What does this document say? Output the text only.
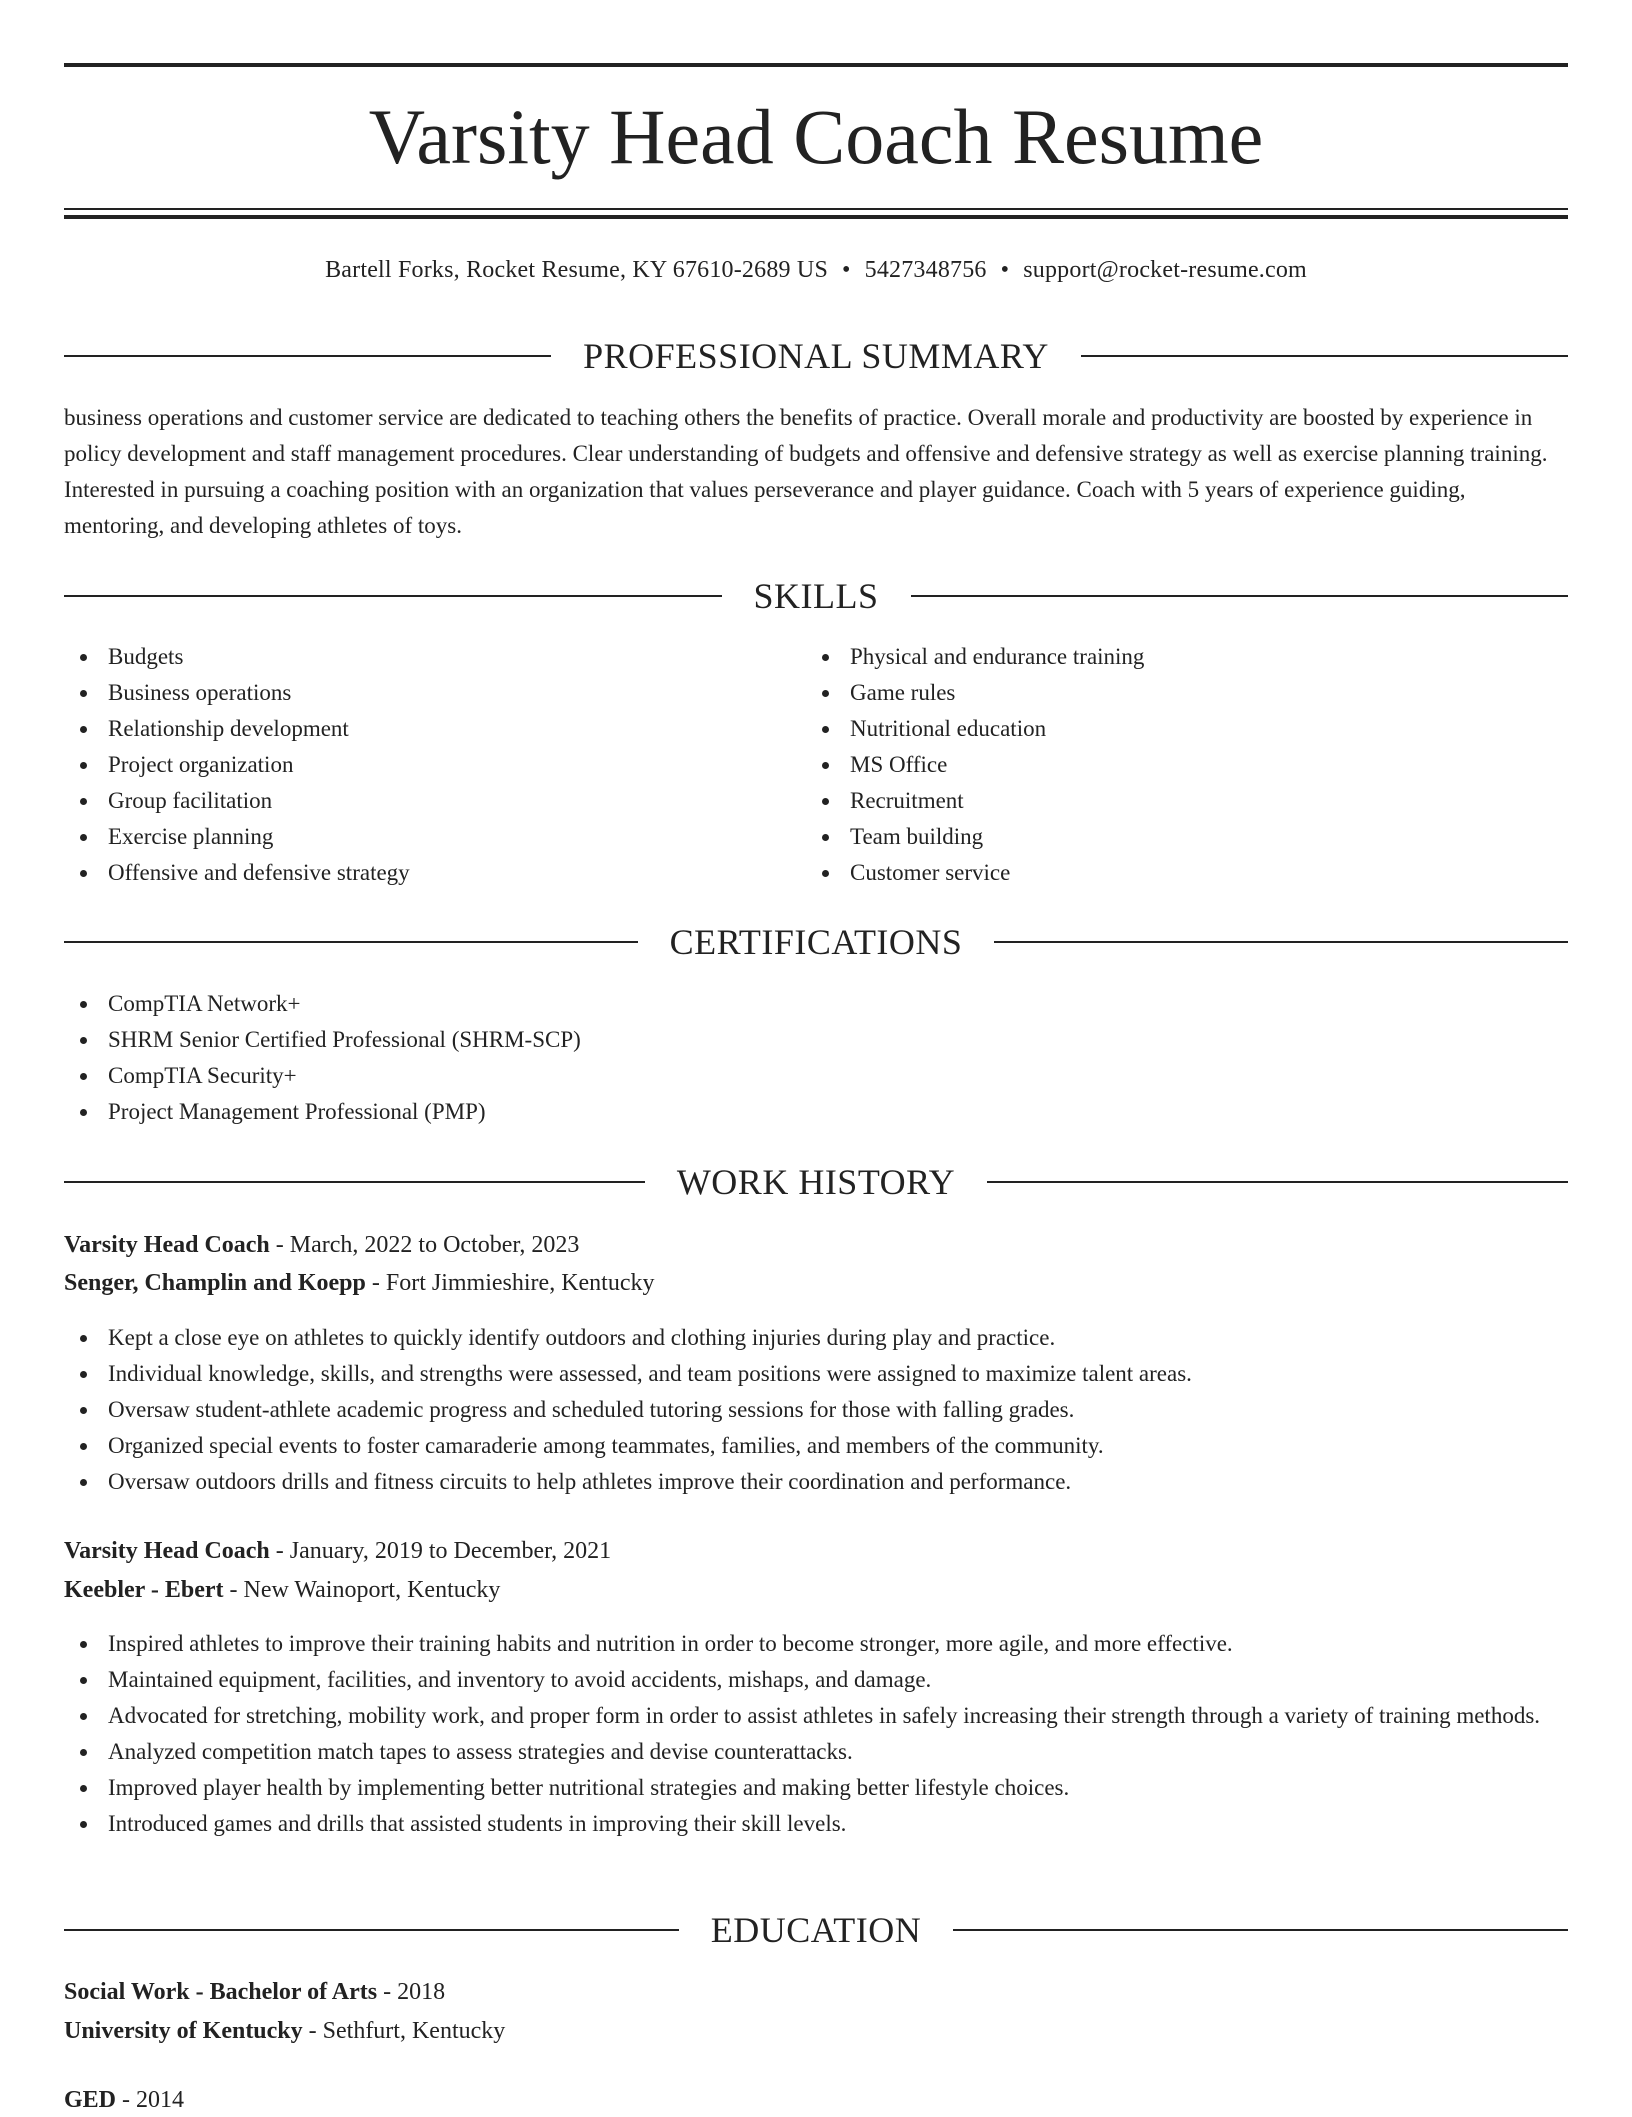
Varsity Head Coach Resume
Bartell Forks, Rocket Resume, KY 67610-2689 US • 5427348756 • support@rocket-resume.com
PROFESSIONAL SUMMARY

business operations and customer service are dedicated to teaching others the benefits of practice. Overall morale and productivity are boosted by experience in policy development and staff management procedures. Clear understanding of budgets and offensive and defensive strategy as well as exercise planning training. Interested in pursuing a coaching position with an organization that values perseverance and player guidance. Coach with 5 years of experience guiding, mentoring, and developing athletes of toys.

SKILLS
Budgets
Business operations
Relationship development
Project organization
Group facilitation
Exercise planning
Offensive and defensive strategy
Physical and endurance training
Game rules
Nutritional education
MS Office
Recruitment
Team building
Customer service
CERTIFICATIONS
CompTIA Network+
SHRM Senior Certified Professional (SHRM-SCP)
CompTIA Security+
Project Management Professional (PMP)
WORK HISTORY
Varsity Head Coach - March, 2022 to October, 2023
Senger, Champlin and Koepp - Fort Jimmieshire, Kentucky
Kept a close eye on athletes to quickly identify outdoors and clothing injuries during play and practice.
Individual knowledge, skills, and strengths were assessed, and team positions were assigned to maximize talent areas.
Oversaw student-athlete academic progress and scheduled tutoring sessions for those with falling grades.
Organized special events to foster camaraderie among teammates, families, and members of the community.
Oversaw outdoors drills and fitness circuits to help athletes improve their coordination and performance.
Varsity Head Coach - January, 2019 to December, 2021
Keebler - Ebert - New Wainoport, Kentucky
Inspired athletes to improve their training habits and nutrition in order to become stronger, more agile, and more effective.
Maintained equipment, facilities, and inventory to avoid accidents, mishaps, and damage.
Advocated for stretching, mobility work, and proper form in order to assist athletes in safely increasing their strength through a variety of training methods.
Analyzed competition match tapes to assess strategies and devise counterattacks.
Improved player health by implementing better nutritional strategies and making better lifestyle choices.
Introduced games and drills that assisted students in improving their skill levels.
EDUCATION
Social Work - Bachelor of Arts - 2018
University of Kentucky - Sethfurt, Kentucky
GED - 2014
